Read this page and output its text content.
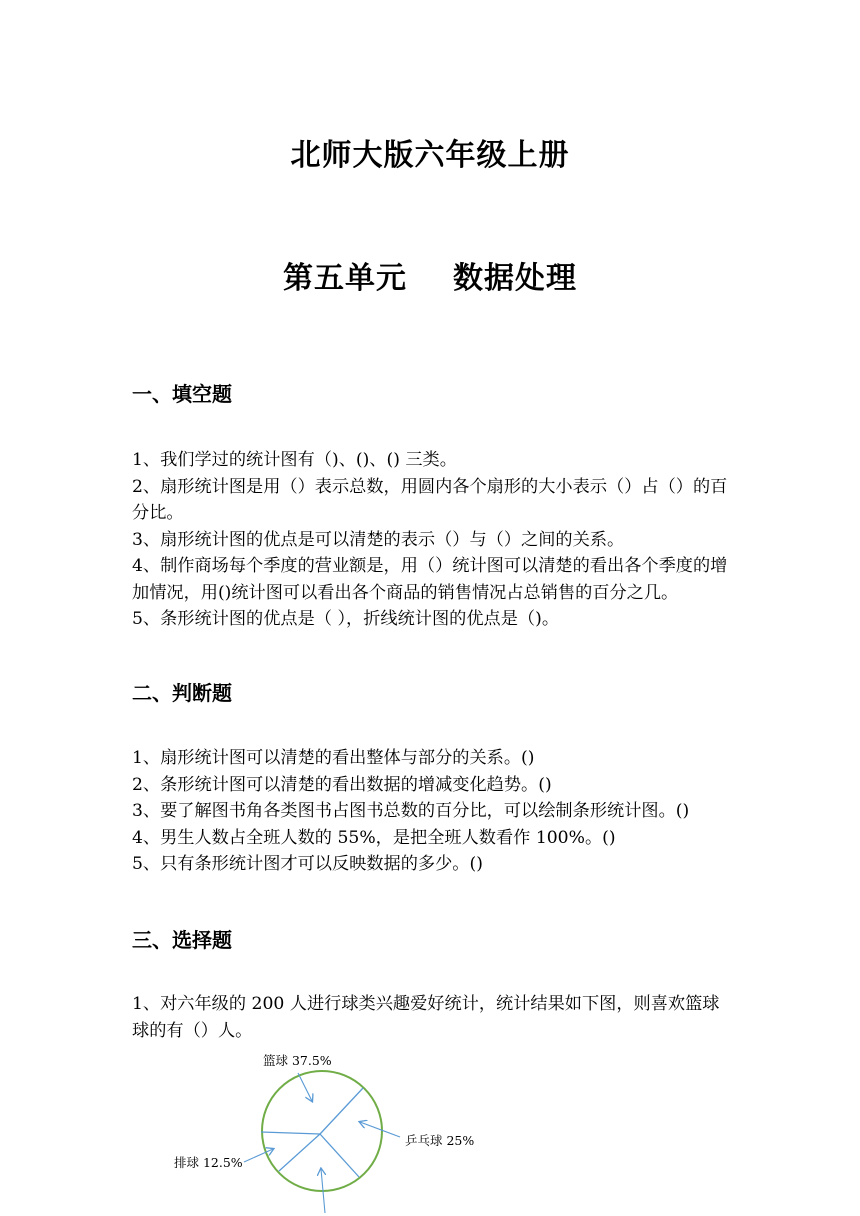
北师大版六年级上册
第五单元 数据处理
一、填空题

1、我们学过的统计图有（)、()、() 三类。

2、扇形统计图是用（）表示总数，用圆内各个扇形的大小表示（）占（）的百分比。

3、扇形统计图的优点是可以清楚的表示（）与（）之间的关系。

4、制作商场每个季度的营业额是，用（）统计图可以清楚的看出各个季度的增加情况，用()统计图可以看出各个商品的销售情况占总销售的百分之几。

5、条形统计图的优点是（ ），折线统计图的优点是（)。

二、判断题

1、扇形统计图可以清楚的看出整体与部分的关系。()

2、条形统计图可以清楚的看出数据的增减变化趋势。()

3、要了解图书角各类图书占图书总数的百分比，可以绘制条形统计图。()

4、男生人数占全班人数的 55%，是把全班人数看作 100%。()

5、只有条形统计图才可以反映数据的多少。()

三、选择题

1、对六年级的 200 人进行球类兴趣爱好统计，统计结果如下图，则喜欢篮球球的有（）人。

篮球 37.5%
乒乓球 25%
排球 12.5%
